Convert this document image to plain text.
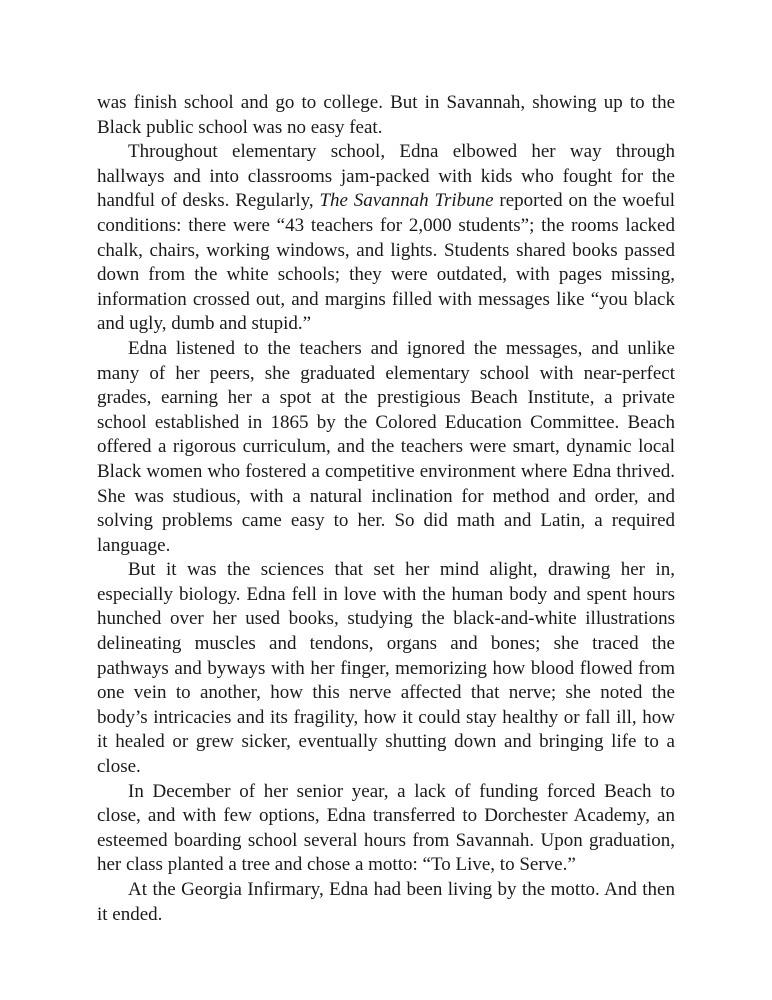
was finish school and go to college. But in Savannah, showing up to the Black public school was no easy feat.

Throughout elementary school, Edna elbowed her way through hallways and into classrooms jam-packed with kids who fought for the handful of desks. Regularly, The Savannah Tribune reported on the woeful conditions: there were “43 teachers for 2,000 students”; the rooms lacked chalk, chairs, working windows, and lights. Students shared books passed down from the white schools; they were outdated, with pages missing, information crossed out, and margins filled with messages like “you black and ugly, dumb and stupid.”

Edna listened to the teachers and ignored the messages, and unlike many of her peers, she graduated elementary school with near-perfect grades, earning her a spot at the prestigious Beach Institute, a private school established in 1865 by the Colored Education Committee. Beach offered a rigorous curriculum, and the teachers were smart, dynamic local Black women who fostered a competitive environment where Edna thrived. She was studious, with a natural inclination for method and order, and solving problems came easy to her. So did math and Latin, a required language.

But it was the sciences that set her mind alight, drawing her in, especially biology. Edna fell in love with the human body and spent hours hunched over her used books, studying the black-and-white illustrations delineating muscles and tendons, organs and bones; she traced the pathways and byways with her finger, memorizing how blood flowed from one vein to another, how this nerve affected that nerve; she noted the body’s intricacies and its fragility, how it could stay healthy or fall ill, how it healed or grew sicker, eventually shutting down and bringing life to a close.

In December of her senior year, a lack of funding forced Beach to close, and with few options, Edna transferred to Dorchester Academy, an esteemed boarding school several hours from Savannah. Upon graduation, her class planted a tree and chose a motto: “To Live, to Serve.”

At the Georgia Infirmary, Edna had been living by the motto. And then it ended.
